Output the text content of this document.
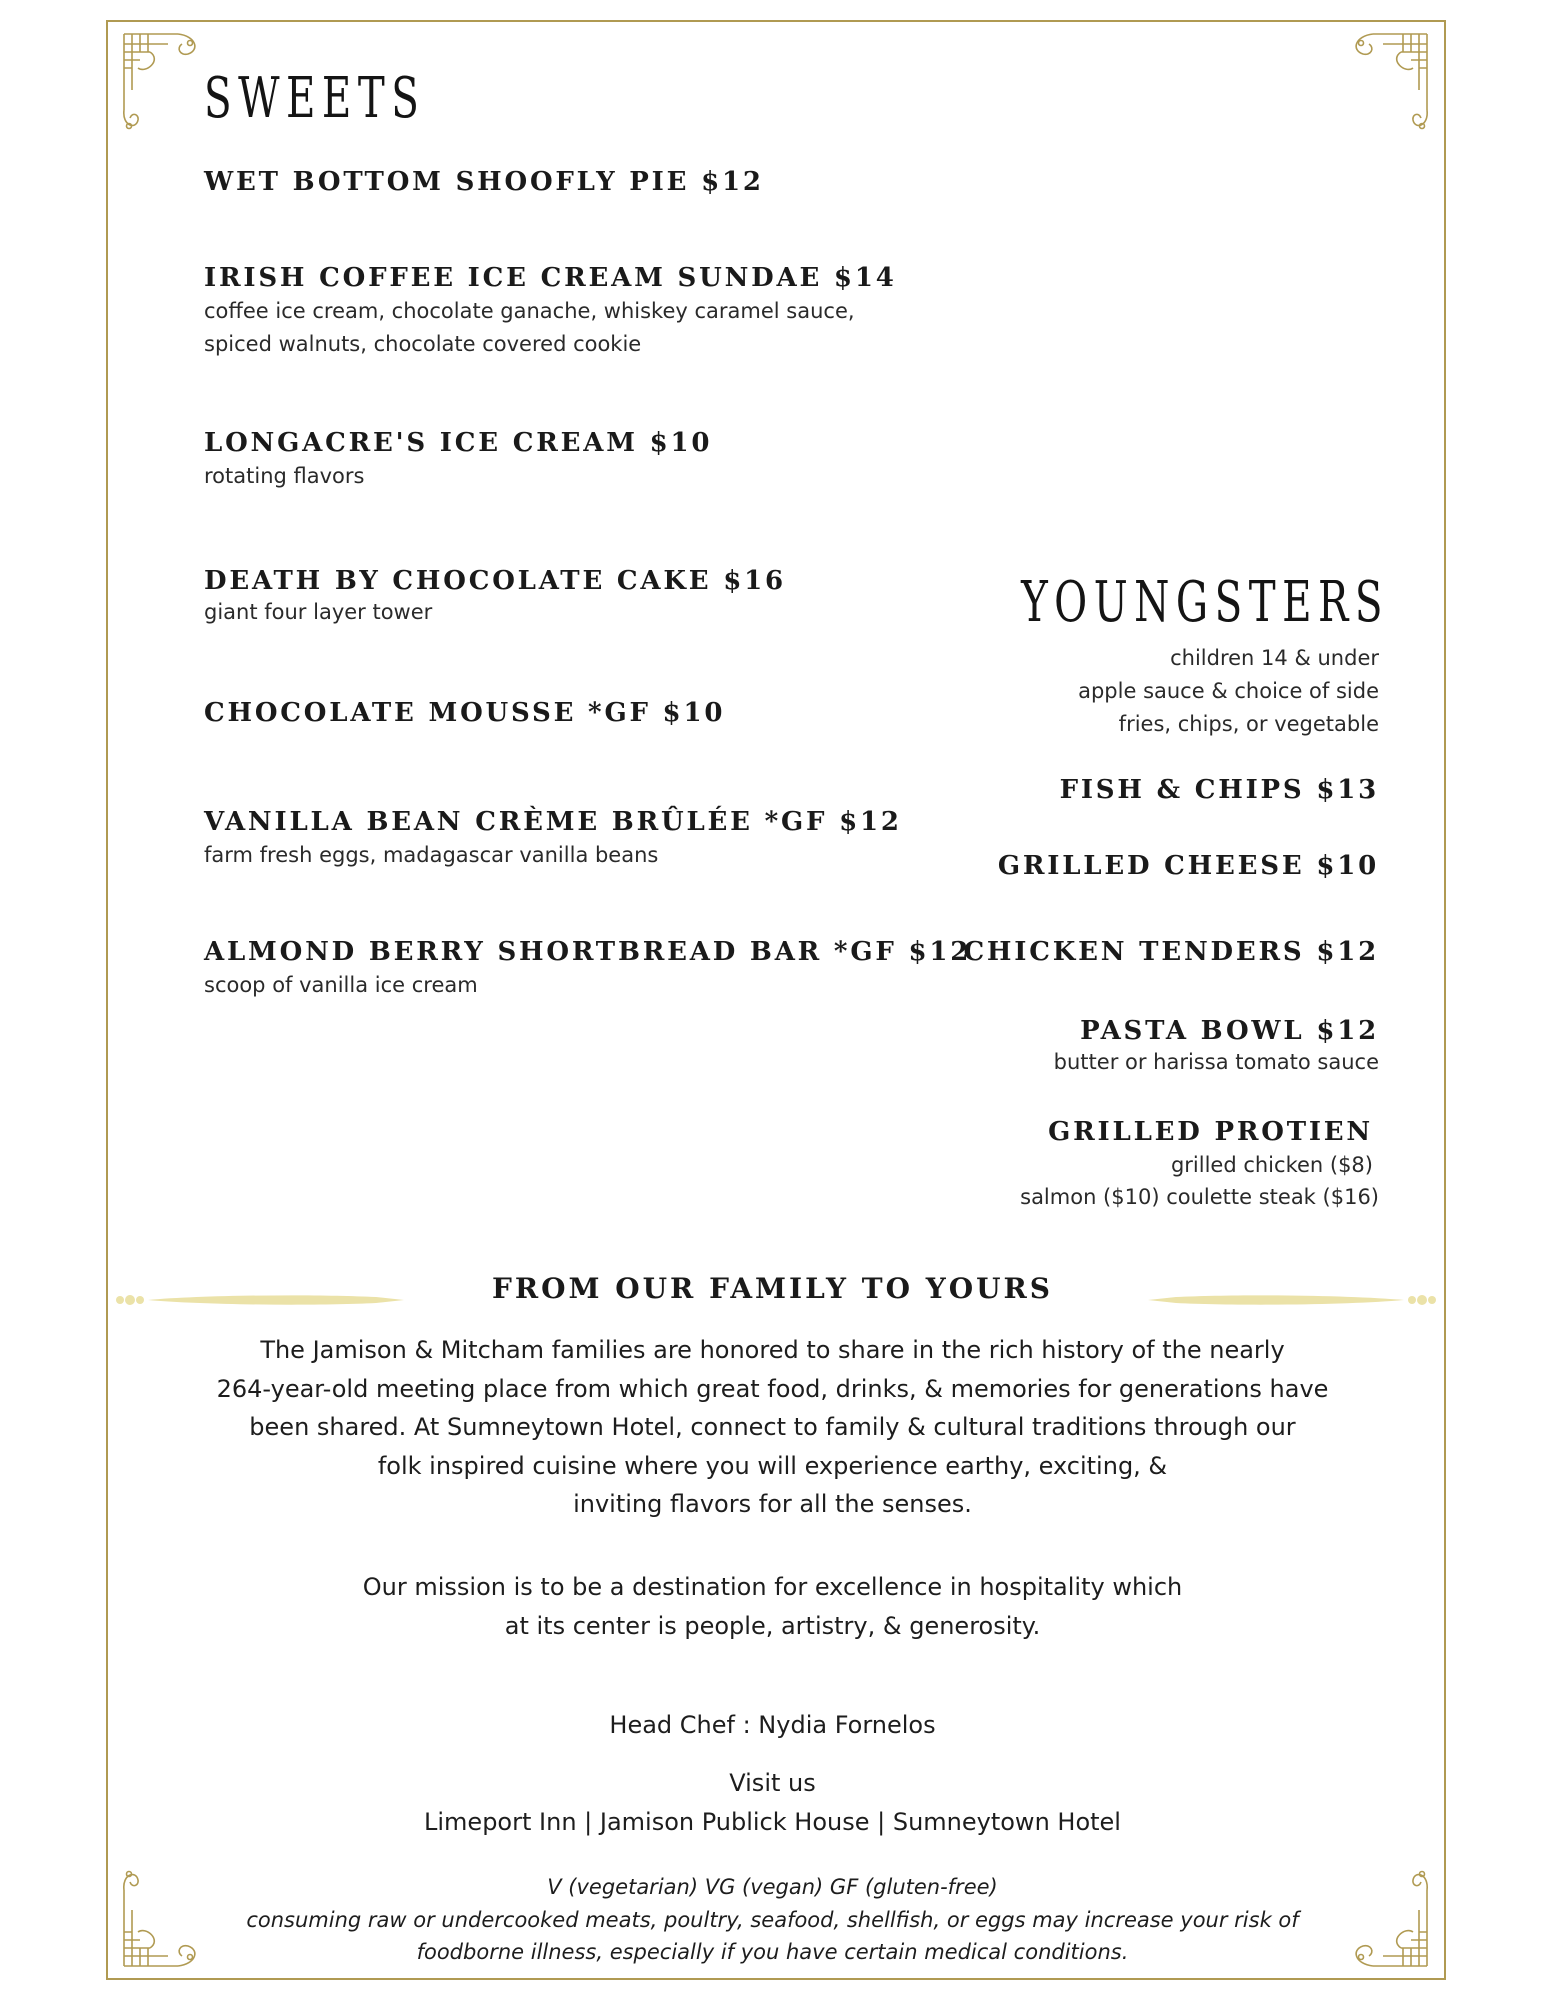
SWEETS
WET BOTTOM SHOOFLY PIE $12
IRISH COFFEE ICE CREAM SUNDAE $14
coffee ice cream, chocolate ganache, whiskey caramel sauce,
spiced walnuts, chocolate covered cookie
LONGACRE'S ICE CREAM $10
rotating flavors
DEATH BY CHOCOLATE CAKE $16
giant four layer tower
CHOCOLATE MOUSSE *GF $10
VANILLA BEAN CRÈME BRÛLÉE *GF $12
farm fresh eggs, madagascar vanilla beans
ALMOND BERRY SHORTBREAD BAR *GF $12
scoop of vanilla ice cream
YOUNGSTERS
children 14 & under
apple sauce & choice of side
fries, chips, or vegetable
FISH & CHIPS $13
GRILLED CHEESE $10
CHICKEN TENDERS $12
PASTA BOWL $12
butter or harissa tomato sauce
GRILLED PROTIEN
grilled chicken ($8)
salmon ($10) coulette steak ($16)
FROM OUR FAMILY TO YOURS

The Jamison & Mitcham families are honored to share in the rich history of the nearly

264-year-old meeting place from which great food, drinks, & memories for generations have

been shared. At Sumneytown Hotel, connect to family & cultural traditions through our

folk inspired cuisine where you will experience earthy, exciting, &

inviting flavors for all the senses.

Our mission is to be a destination for excellence in hospitality which

at its center is people, artistry, & generosity.

Head Chef : Nydia Fornelos

Visit us

Limeport Inn | Jamison Publick House | Sumneytown Hotel

V (vegetarian) VG (vegan) GF (gluten-free)

consuming raw or undercooked meats, poultry, seafood, shellfish, or eggs may increase your risk of

foodborne illness, especially if you have certain medical conditions.
